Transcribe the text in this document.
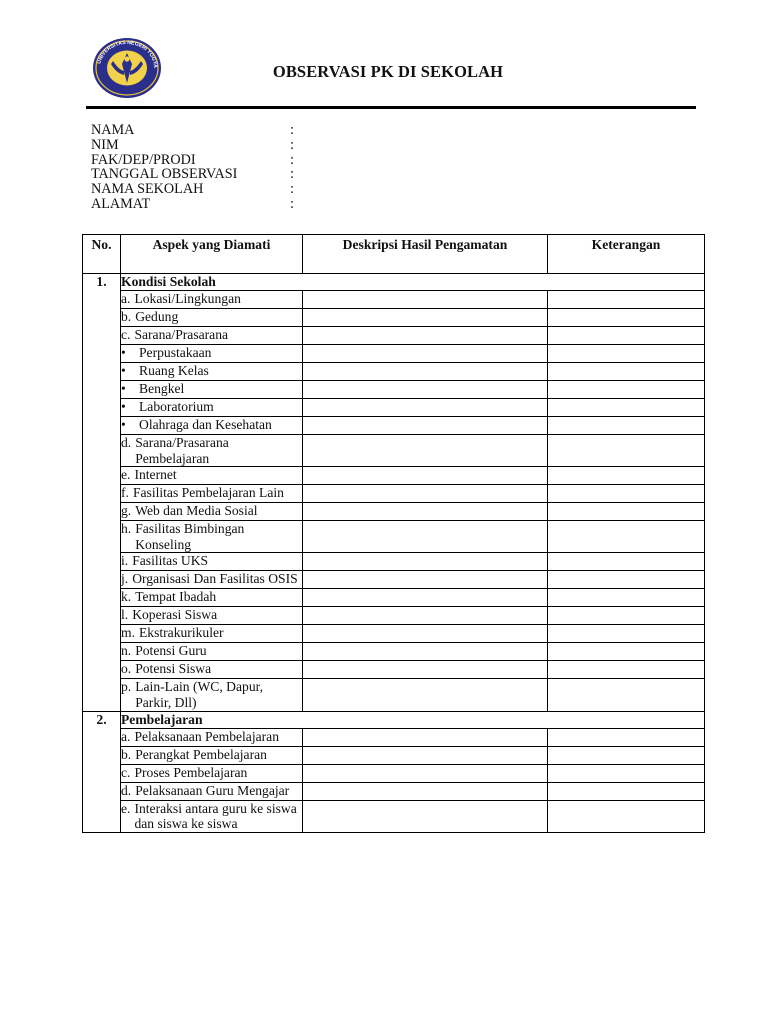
UNIVERSITAS NEGERI YOGYA	OBSERVASI PK DI SEKOLAH
NAMA	:
NIM	:
FAK/DEP/PRODI	:
TANGGAL OBSERVASI	:
NAMA SEKOLAH	:
ALAMAT	:
No.	Aspek yang Diamati	Deskripsi Hasil Pengamatan	Keterangan
1.	Kondisi Sekolah		

	a. Lokasi/Lingkungan		

	b. Gedung		

	c. Sarana/Prasarana		

	• Perpustakaan		

	• Ruang Kelas		

	• Bengkel		

	• Laboratorium		

	• Olahraga dan Kesehatan		

	d. Sarana/Prasarana Pembelajaran		

	e. Internet		

	f. Fasilitas Pembelajaran Lain		

	g. Web dan Media Sosial		

	h. Fasilitas Bimbingan Konseling		

	i. Fasilitas UKS		

	j. Organisasi Dan Fasilitas OSIS		

	k. Tempat Ibadah		

	l. Koperasi Siswa		

	m. Ekstrakurikuler		

	n. Potensi Guru		

	o. Potensi Siswa		

	p. Lain-Lain (WC, Dapur, Parkir, Dll)		

2.	Pembelajaran		

	a. Pelaksanaan Pembelajaran		

	b. Perangkat Pembelajaran		

	c. Proses Pembelajaran		

	d. Pelaksanaan Guru Mengajar		

	e. Interaksi antara guru ke siswa dan siswa ke siswa		
